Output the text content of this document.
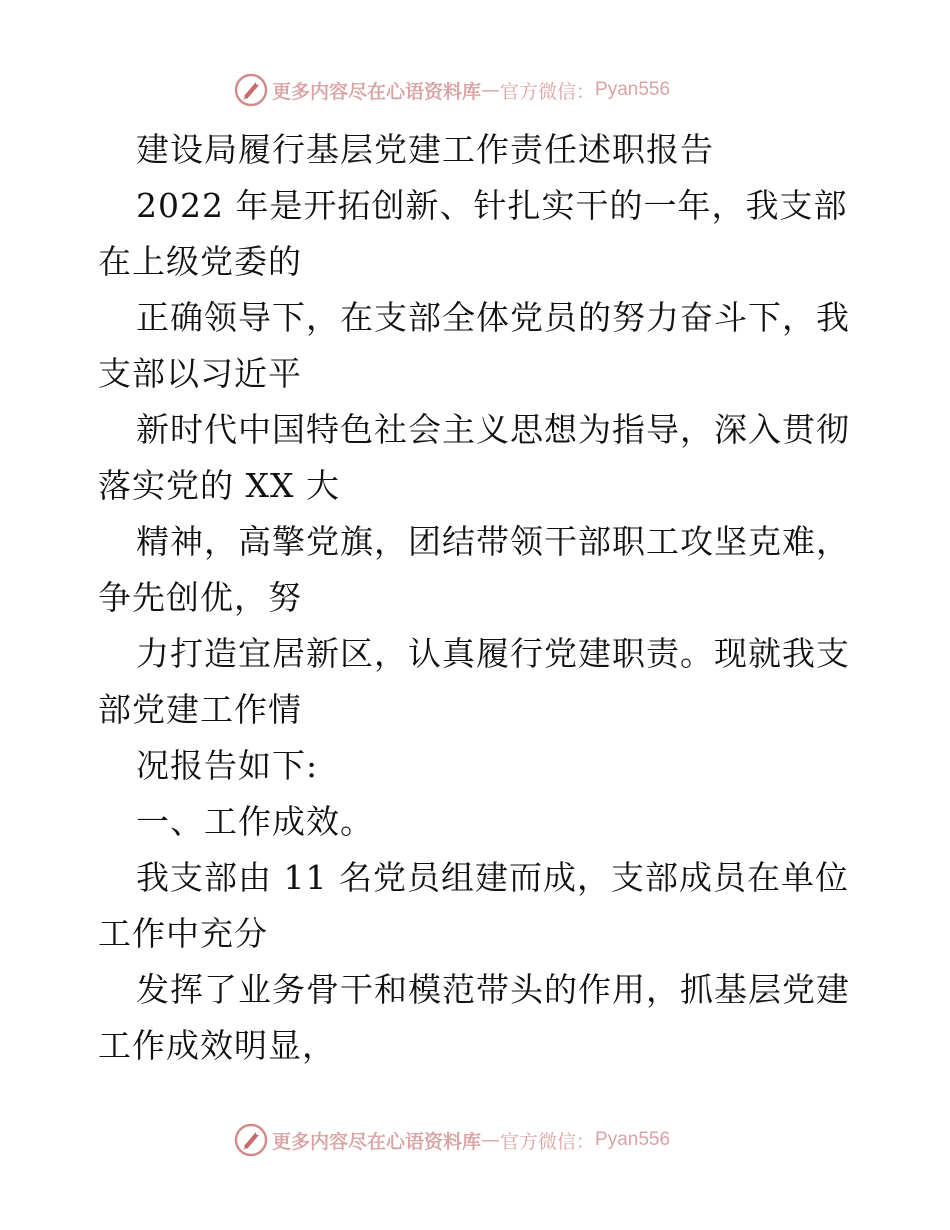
更多内容尽在心语资料库 — 官方微信： Pyan556
建设局履行基层党建工作责任述职报告
2022 年是开拓创新、针扎实干的一年，我支部
在上级党委的
正确领导下，在支部全体党员的努力奋斗下，我
支部以习近平
新时代中国特色社会主义思想为指导，深入贯彻
落实党的 XX 大
精神，高擎党旗，团结带领干部职工攻坚克难，
争先创优，努
力打造宜居新区，认真履行党建职责。现就我支
部党建工作情
况报告如下:
一、工作成效。
我支部由 11 名党员组建而成，支部成员在单位
工作中充分
发挥了业务骨干和模范带头的作用，抓基层党建
工作成效明显，
更多内容尽在心语资料库 — 官方微信： Pyan556
